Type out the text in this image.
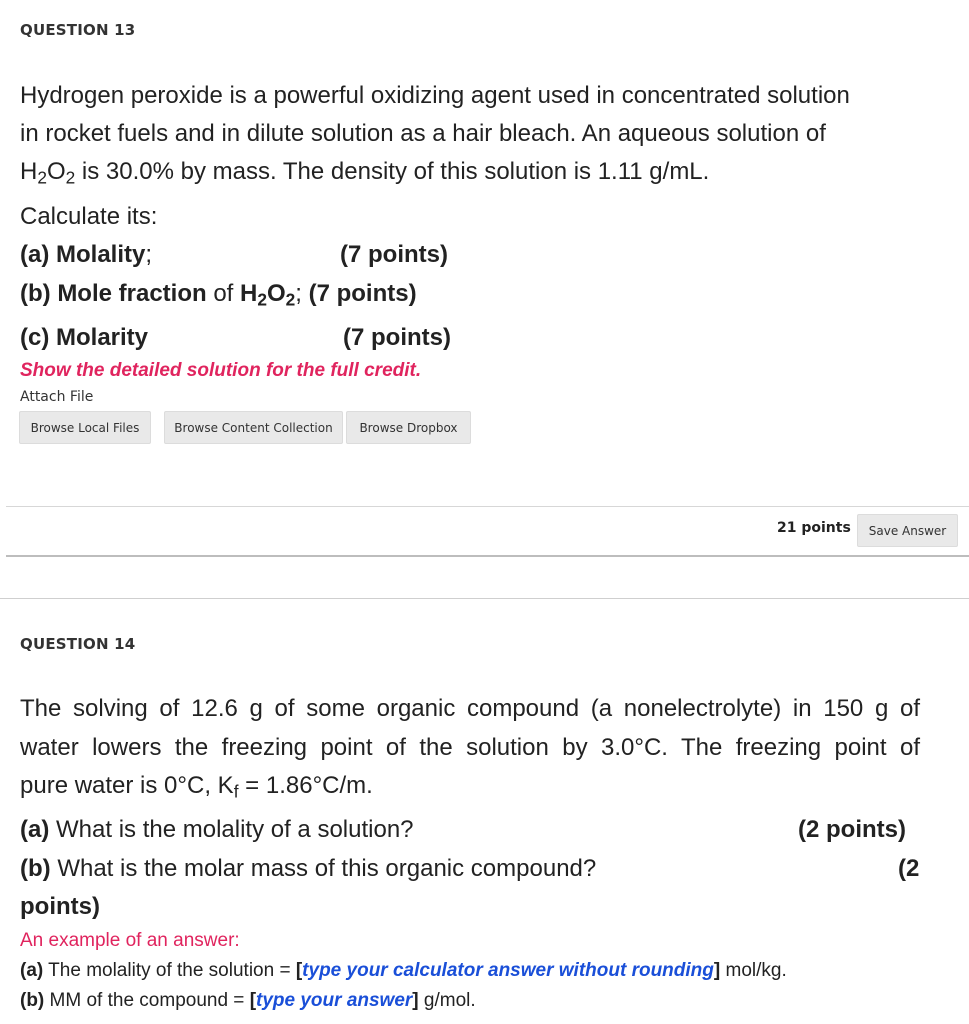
QUESTION 13
Hydrogen peroxide is a powerful oxidizing agent used in concentrated solution
in rocket fuels and in dilute solution as a hair bleach. An aqueous solution of
$H_2O_2$ is 30.0% by mass. The density of this solution is 1.11 g/mL.
Calculate its:
(a) Molality;	(7 points)
(b) Mole fraction of $H_2O_2$; (7 points)
(c) Molarity	(7 points)
Show the detailed solution for the full credit.
Attach File
Browse Local Files	Browse Content Collection	Browse Dropbox
21 points	Save Answer
QUESTION 14
The solving of 12.6 g of some organic compound (a nonelectrolyte) in 150 g of
water lowers the freezing point of the solution by 3.0°C. The freezing point of
pure water is 0°C, $K_f = 1.86^\circ C/m$.
(a) What is the molality of a solution?	(2 points)
(b) What is the molar mass of this organic compound?	(2
points)
An example of an answer:
(a) The molality of the solution = [type your calculator answer without rounding] mol/kg.
(b) MM of the compound = [type your answer] g/mol.
